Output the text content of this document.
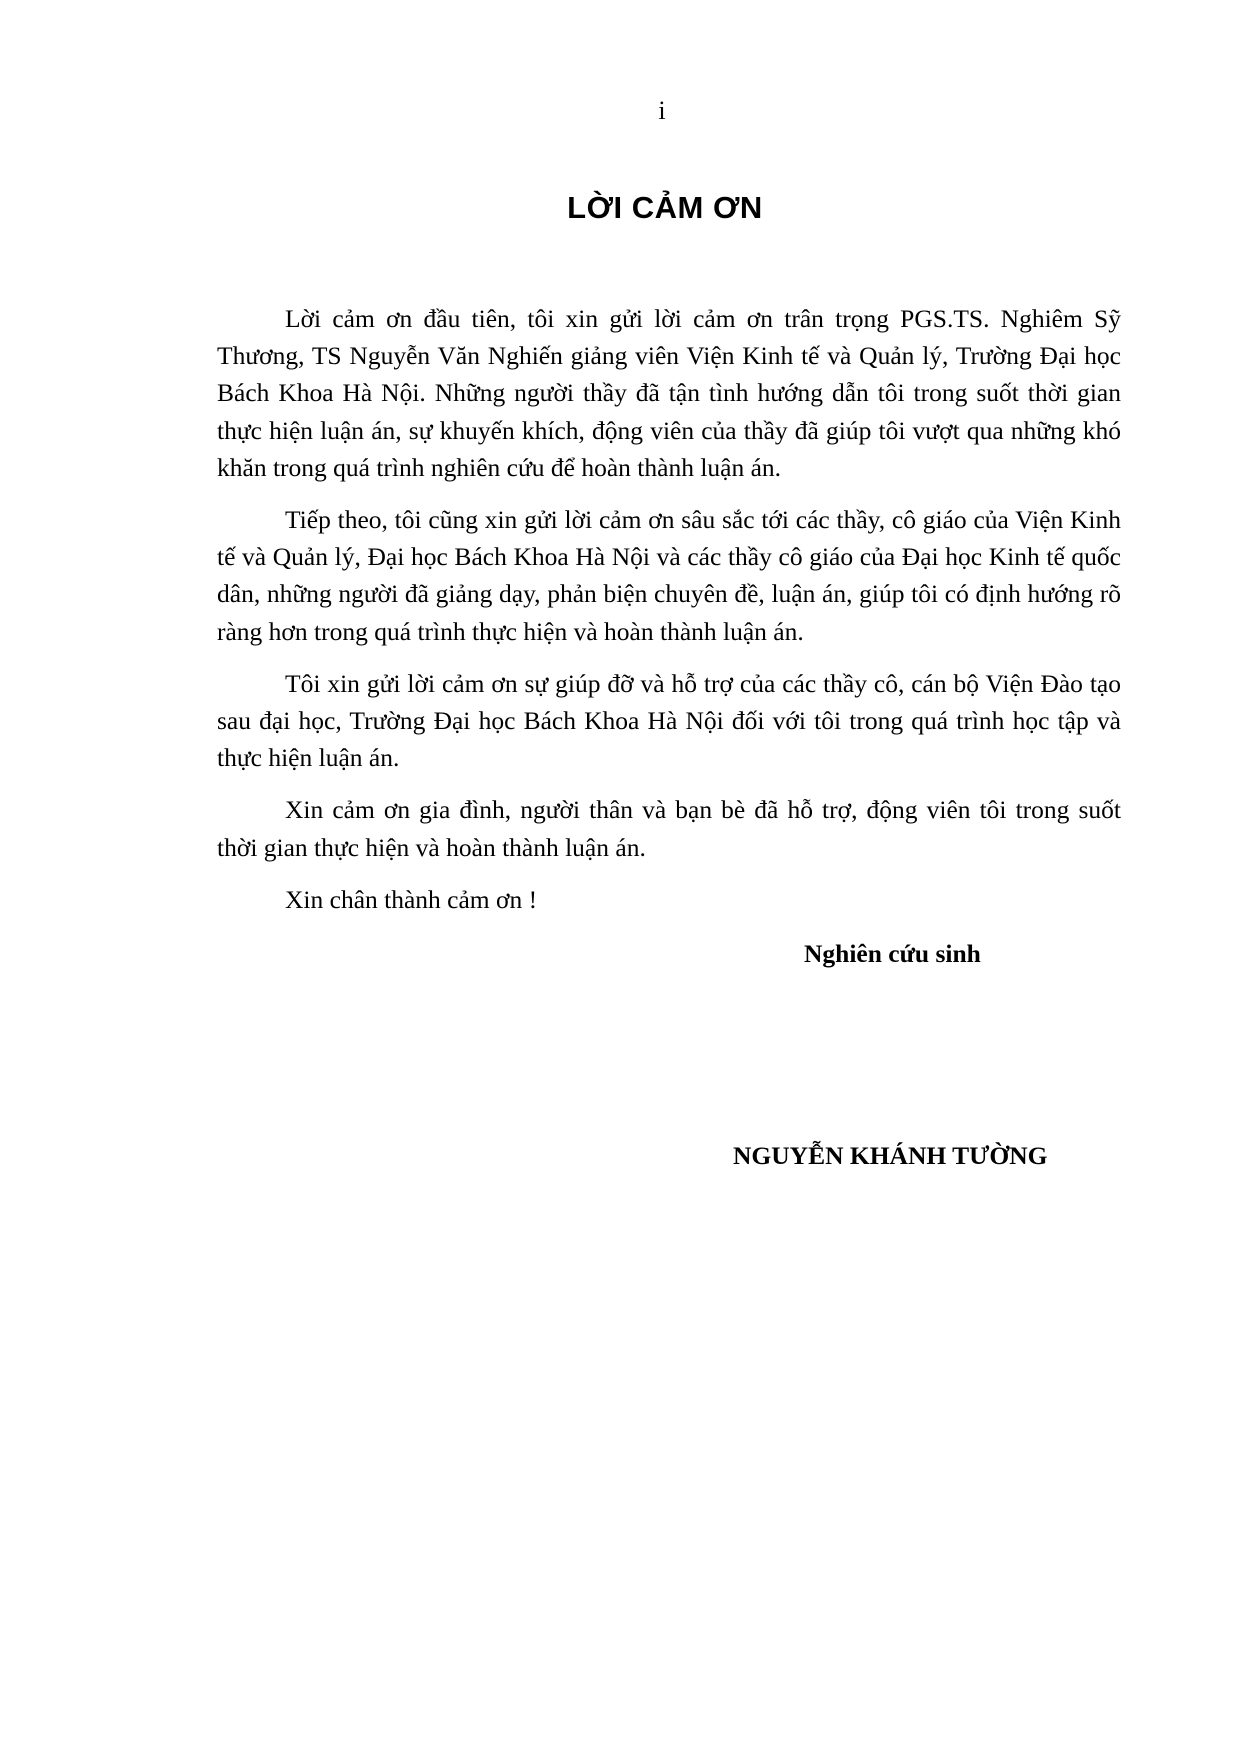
i
LỜI CẢM ƠN

Lời cảm ơn đầu tiên, tôi xin gửi lời cảm ơn trân trọng PGS.TS. Nghiêm Sỹ Thương, TS Nguyễn Văn Nghiến giảng viên Viện Kinh tế và Quản lý, Trường Đại học Bách Khoa Hà Nội. Những người thầy đã tận tình hướng dẫn tôi trong suốt thời gian thực hiện luận án, sự khuyến khích, động viên của thầy đã giúp tôi vượt qua những khó khăn trong quá trình nghiên cứu để hoàn thành luận án.

Tiếp theo, tôi cũng xin gửi lời cảm ơn sâu sắc tới các thầy, cô giáo của Viện Kinh tế và Quản lý, Đại học Bách Khoa Hà Nội và các thầy cô giáo của Đại học Kinh tế quốc dân, những người đã giảng dạy, phản biện chuyên đề, luận án, giúp tôi có định hướng rõ ràng hơn trong quá trình thực hiện và hoàn thành luận án.

Tôi xin gửi lời cảm ơn sự giúp đỡ và hỗ trợ của các thầy cô, cán bộ Viện Đào tạo sau đại học, Trường Đại học Bách Khoa Hà Nội đối với tôi trong quá trình học tập và thực hiện luận án.

Xin cảm ơn gia đình, người thân và bạn bè đã hỗ trợ, động viên tôi trong suốt thời gian thực hiện và hoàn thành luận án.

Xin chân thành cảm ơn !

Nghiên cứu sinh
NGUYỄN KHÁNH TƯỜNG
